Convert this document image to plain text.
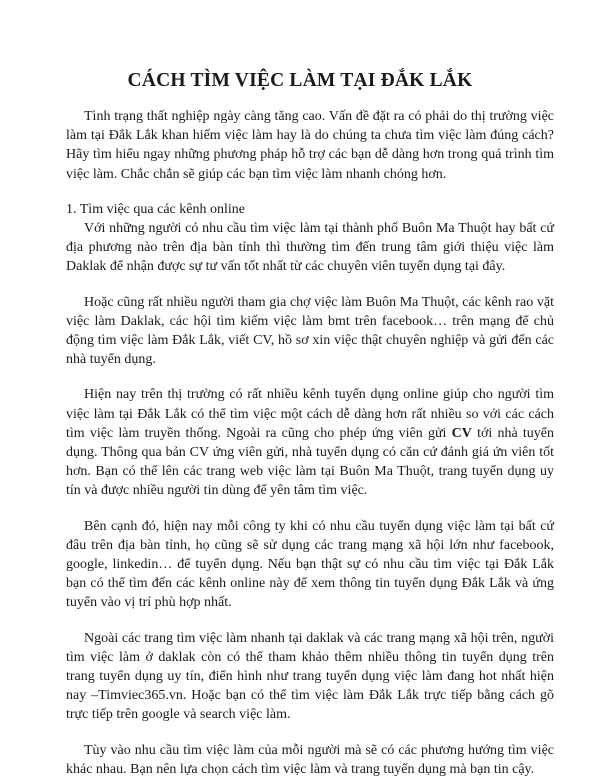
CÁCH TÌM VIỆC LÀM TẠI ĐẮK LẮK

Tình trạng thất nghiệp ngày càng tăng cao. Vấn đề đặt ra có phải do thị trường việc làm tại Đắk Lắk khan hiếm việc làm hay là do chúng ta chưa tìm việc làm đúng cách? Hãy tìm hiểu ngay những phương pháp hỗ trợ các bạn dễ dàng hơn trong quá trình tìm việc làm. Chắc chắn sẽ giúp các bạn tìm việc làm nhanh chóng hơn.

1. Tìm việc qua các kênh online

Với những người có nhu cầu tìm việc làm tại thành phố Buôn Ma Thuột hay bất cứ địa phương nào trên địa bàn tỉnh thì thường tìm đến trung tâm giới thiệu việc làm Daklak để nhận được sự tư vấn tốt nhất từ các chuyên viên tuyển dụng tại đây.

Hoặc cũng rất nhiều người tham gia chợ việc làm Buôn Ma Thuột, các kênh rao vặt việc làm Daklak, các hội tìm kiếm việc làm bmt trên facebook… trên mạng để chủ động tìm việc làm Đắk Lắk, viết CV, hồ sơ xin việc thật chuyên nghiệp và gửi đến các nhà tuyển dụng.

Hiện nay trên thị trường có rất nhiều kênh tuyển dụng online giúp cho người tìm việc làm tại Đắk Lắk có thể tìm việc một cách dễ dàng hơn rất nhiều so với các cách tìm việc làm truyền thống. Ngoài ra cũng cho phép ứng viên gửi CV tới nhà tuyển dụng. Thông qua bản CV ứng viên gửi, nhà tuyển dụng có căn cứ đánh giá ứn viên tốt hơn. Bạn có thể lên các trang web việc làm tại Buôn Ma Thuột, trang tuyển dụng uy tín và được nhiều người tin dùng để yên tâm tìm việc.

Bên cạnh đó, hiện nay mỗi công ty khi có nhu cầu tuyển dụng việc làm tại bất cứ đâu trên địa bàn tỉnh, họ cũng sẽ sử dụng các trang mạng xã hội lớn như facebook, google, linkedin… để tuyển dụng. Nếu bạn thật sự có nhu cầu tìm việc tại Đắk Lắk bạn có thể tìm đến các kênh online này để xem thông tin tuyển dụng Đắk Lắk và ứng tuyển vào vị trí phù hợp nhất.

Ngoài các trang tìm việc làm nhanh tại daklak và các trang mạng xã hội trên, người tìm việc làm ở daklak còn có thể tham khảo thêm nhiều thông tin tuyển dụng trên trang tuyển dụng uy tín, điển hình như trang tuyển dụng việc làm đang hot nhất hiện nay –Timviec365.vn. Hoặc bạn có thể tìm việc làm Đắk Lắk trực tiếp bằng cách gõ trực tiếp trên google và search việc làm.

Tùy vào nhu cầu tìm việc làm của mỗi người mà sẽ có các phương hướng tìm việc khác nhau. Bạn nên lựa chọn cách tìm việc làm và trang tuyển dụng mà bạn tin cậy.
